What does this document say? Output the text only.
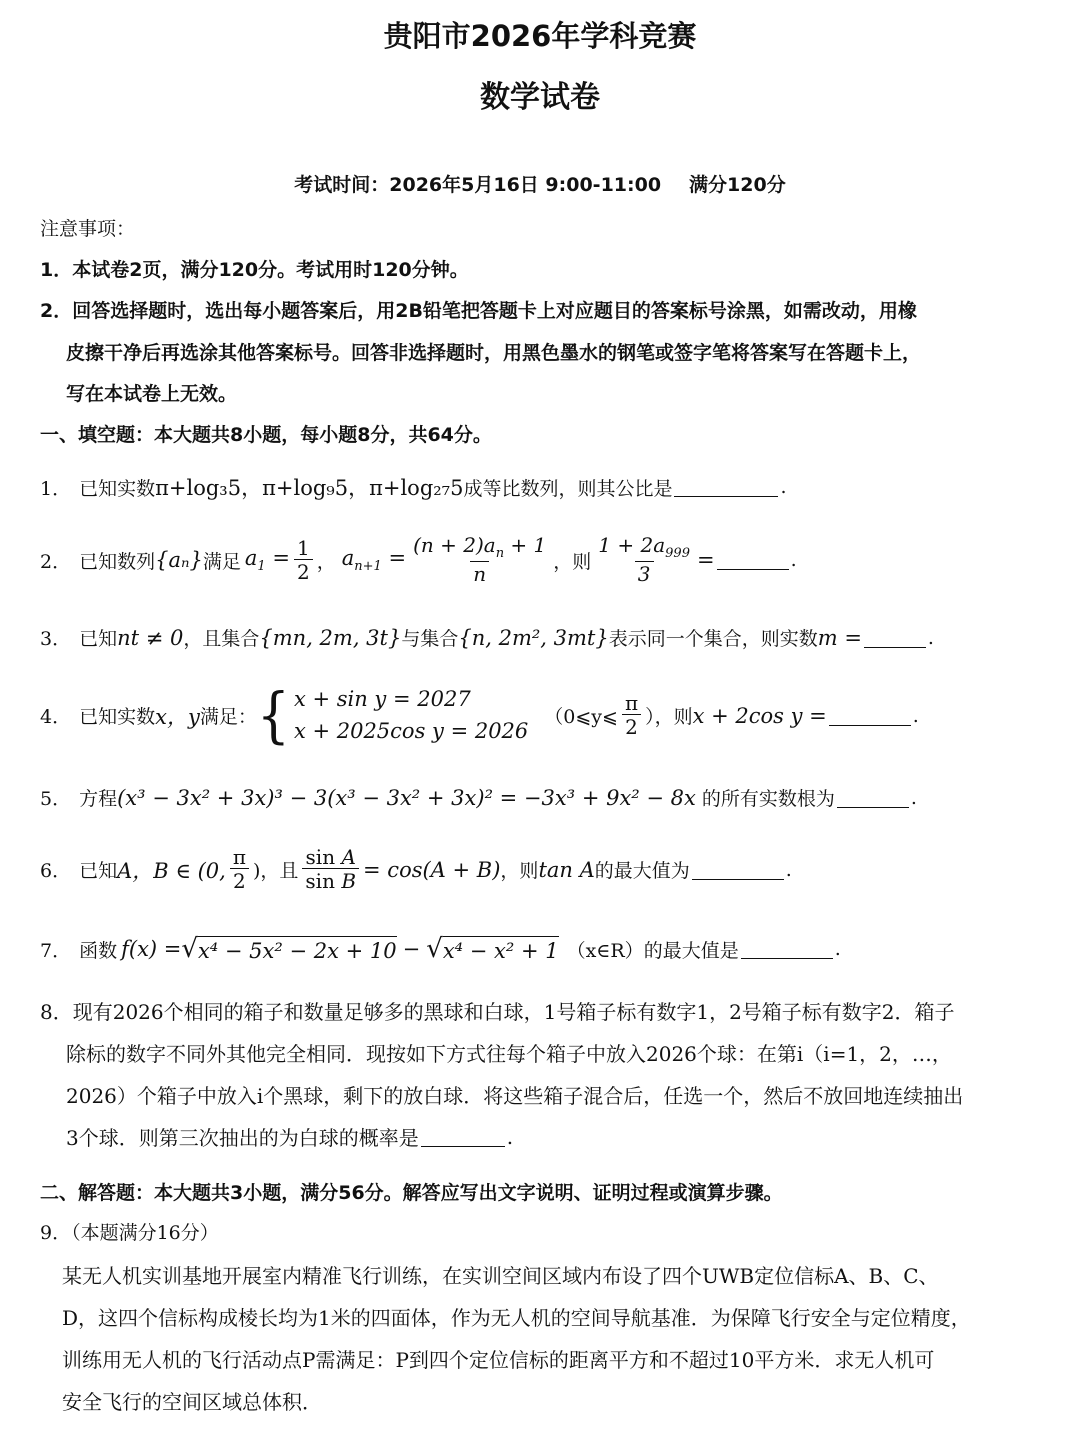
贵阳市2026年学科竞赛
数学试卷
考试时间：2026年5月16日 9:00-11:00 满分120分
注意事项：
1．本试卷2页，满分120分。考试用时120分钟。
2．回答选择题时，选出每小题答案后，用2B铅笔把答题卡上对应题目的答案标号涂黑，如需改动，用橡
皮擦干净后再选涂其他答案标号。回答非选择题时，用黑色墨水的钢笔或签字笔将答案写在答题卡上，
写在本试卷上无效。
一、填空题：本大题共8小题，每小题8分，共64分。
1． 已知实数 π+log₃5，π+log₉5，π+log₂₇5 成等比数列，则其公比是	.
2． 已知数列 {aₙ} 满足 $a_1 = \frac{1}{2}$ ， $a_{n+1} = \frac{(n + 2)a_n + 1}{n}$ ，则 $\frac{1 + 2a_{999}}{3}$ =	.
3． 已知 nt ≠ 0 ，且集合 {mn, 2m, 3t} 与集合 {n, 2m², 3mt} 表示同一个集合，则实数 m =	.
4． 已知实数 x，y 满足： { x + sin y = 2027
x + 2025cos y = 2026
（0⩽y⩽ $\frac{\pi}{2}$ ），则 x + 2cos y =	.
5． 方程 (x³ − 3x² + 3x)³ − 3(x³ − 3x² + 3x)² = −3x³ + 9x² − 8x 的所有实数根为	.
6． 已知 A，B ∈ (0, $\frac{\pi}{2}$ )，且 $\frac{\text{sin A}}{\text{sin B}} = \cos(A + B)$ ，则 tan A 的最大值为	.
7． 函数 f(x) = √ x⁴ − 5x² − 2x + 10 − √ x⁴ − x² + 1 （x∈R） 的最大值是	.
8．现有2026个相同的箱子和数量足够多的黑球和白球，1号箱子标有数字1，2号箱子标有数字2．箱子
除标的数字不同外其他完全相同．现按如下方式往每个箱子中放入2026个球：在第i（i=1，2，…，
2026）个箱子中放入i个黑球，剩下的放白球．将这些箱子混合后，任选一个，然后不放回地连续抽出
3个球．则第三次抽出的为白球的概率是	.
二、解答题：本大题共3小题，满分56分。解答应写出文字说明、证明过程或演算步骤。
9．（本题满分16分）
某无人机实训基地开展室内精准飞行训练，在实训空间区域内布设了四个UWB定位信标A、B、C、
D，这四个信标构成棱长均为1米的四面体，作为无人机的空间导航基准．为保障飞行安全与定位精度，
训练用无人机的飞行活动点P需满足：P到四个定位信标的距离平方和不超过10平方米．求无人机可
安全飞行的空间区域总体积．
